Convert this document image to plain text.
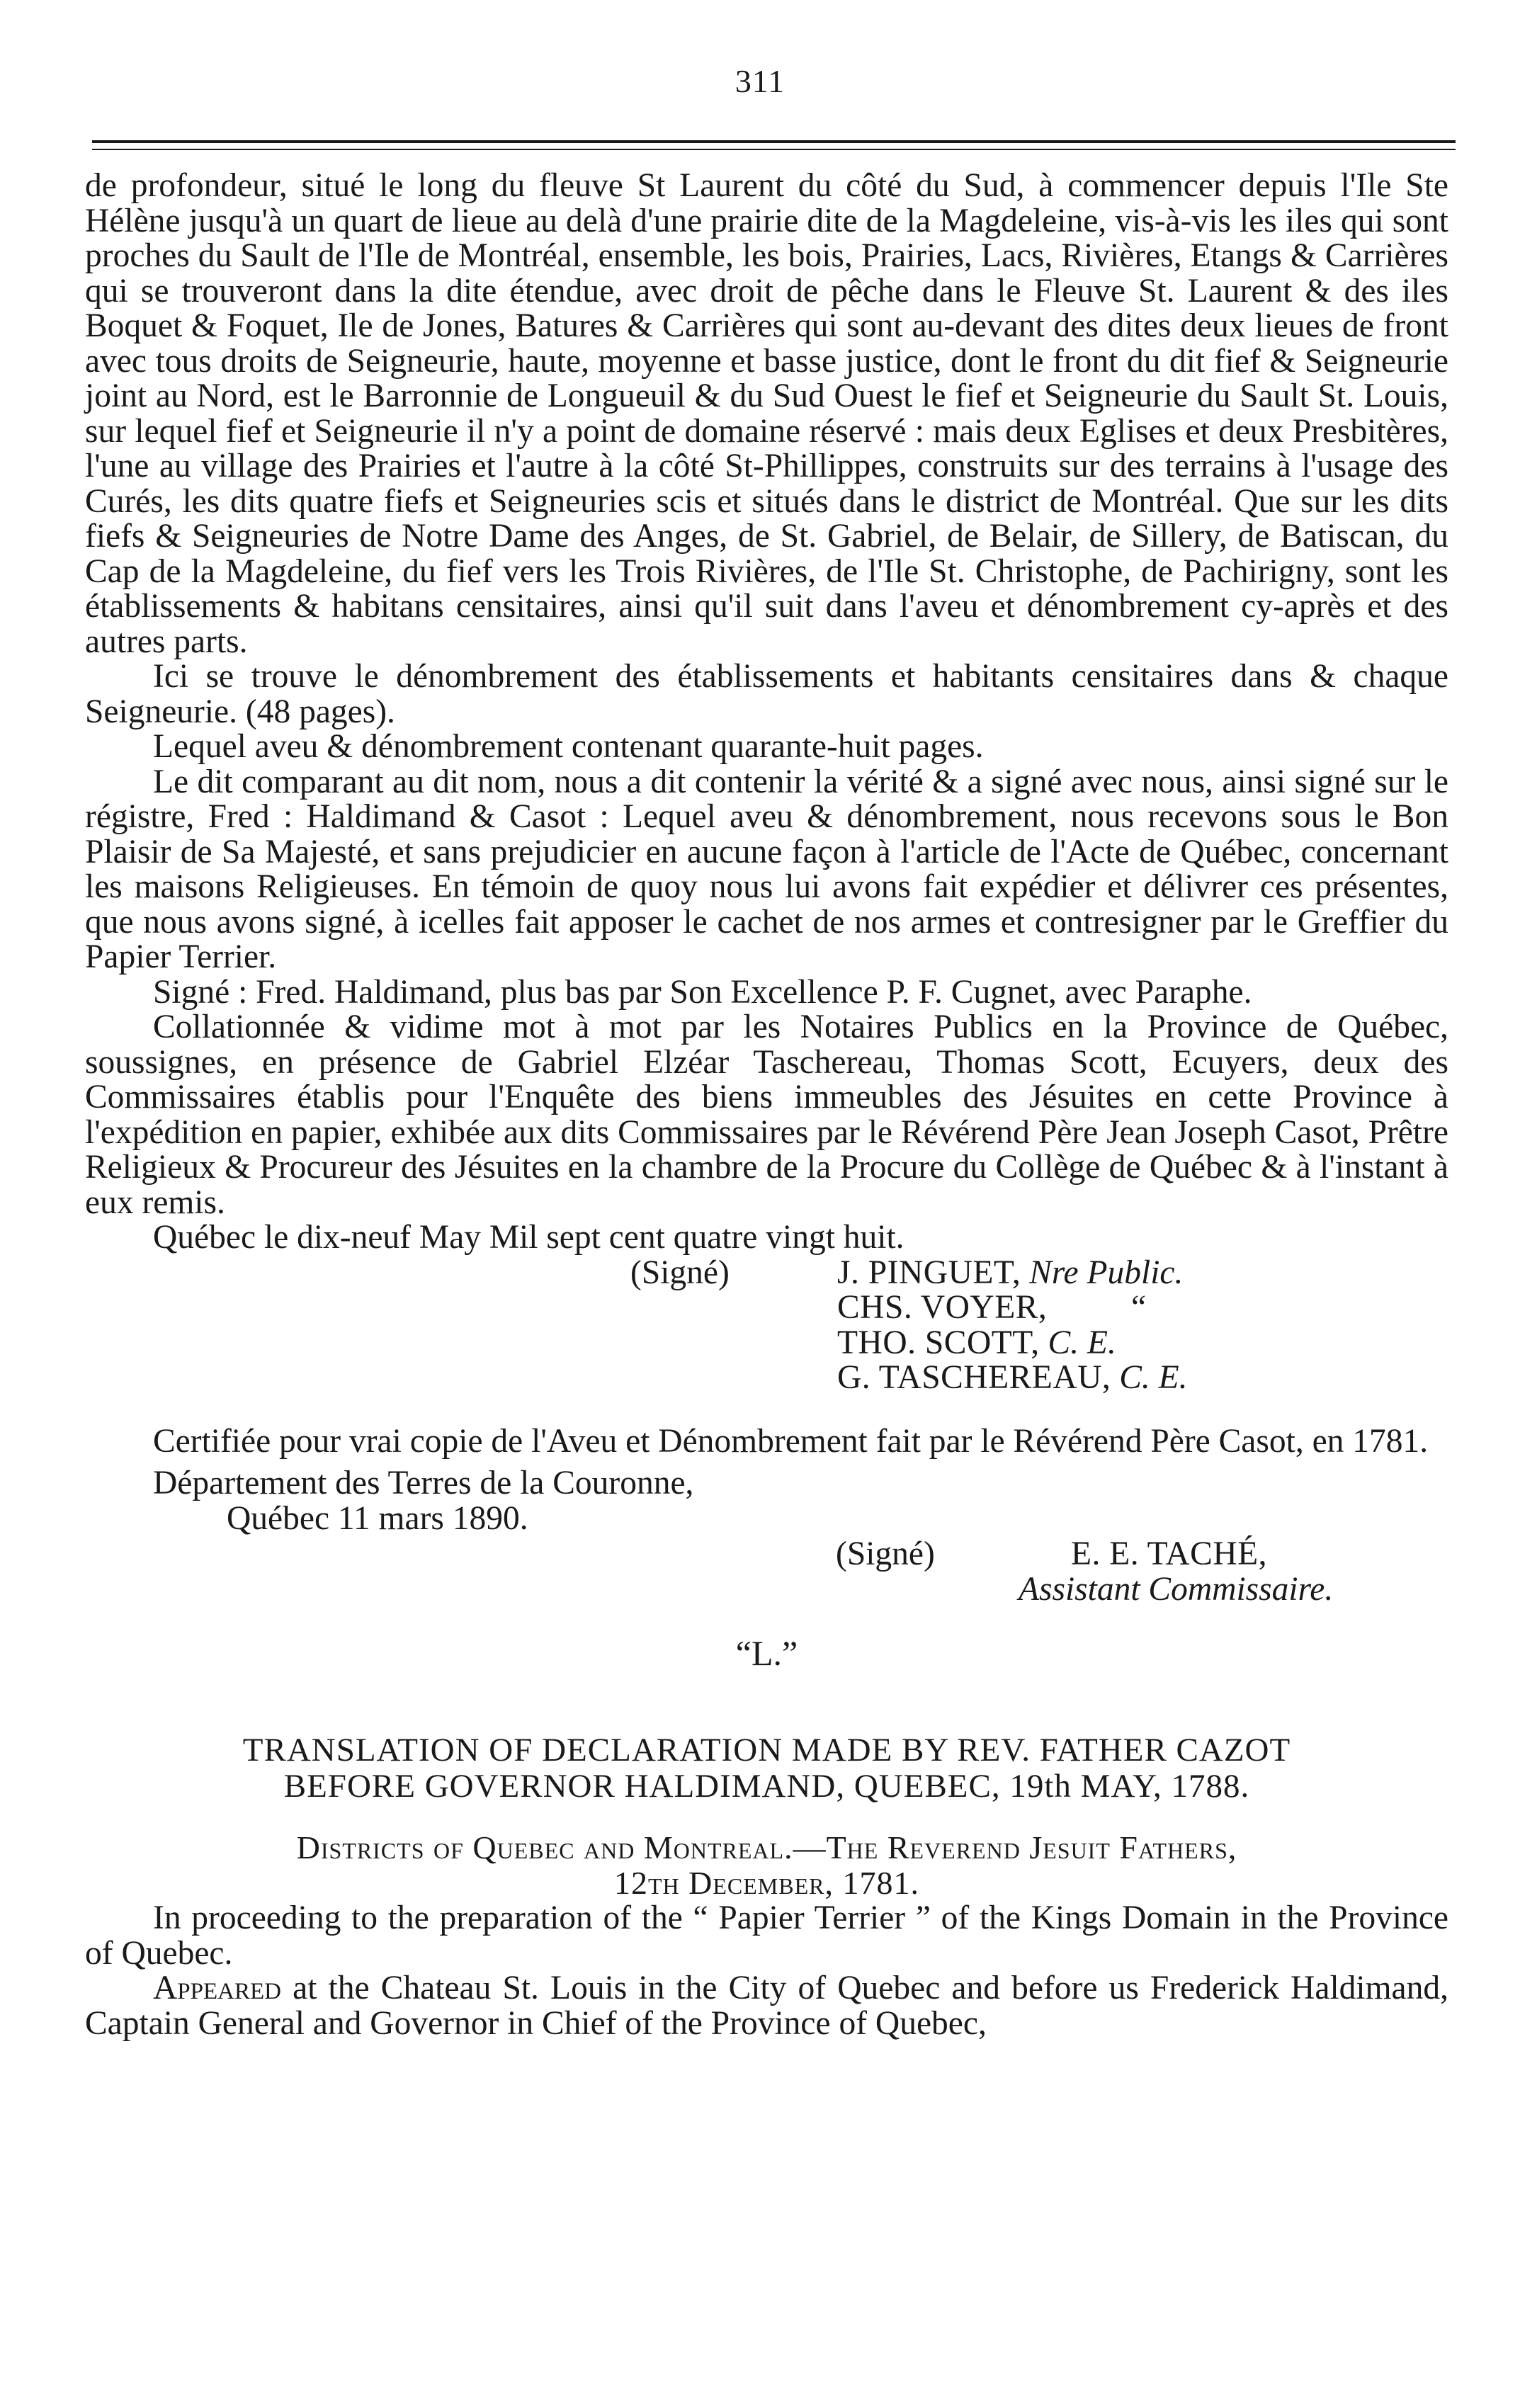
311

de profondeur, situé le long du fleuve St Laurent du côté du Sud, à commencer depuis l'Ile Ste Hélène jusqu'à un quart de lieue au delà d'une prairie dite de la Magdeleine, vis-à-vis les iles qui sont proches du Sault de l'Ile de Montréal, ensemble, les bois, Prairies, Lacs, Rivières, Etangs & Carrières qui se trouveront dans la dite étendue, avec droit de pêche dans le Fleuve St. Laurent & des iles Boquet & Foquet, Ile de Jones, Batures & Carrières qui sont au-devant des dites deux lieues de front avec tous droits de Seigneurie, haute, moyenne et basse justice, dont le front du dit fief & Seigneurie joint au Nord, est le Barronnie de Longueuil & du Sud Ouest le fief et Seigneurie du Sault St. Louis, sur lequel fief et Seigneurie il n'y a point de domaine réservé : mais deux Eglises et deux Presbitères, l'une au village des Prairies et l'autre à la côté St-Phillippes, construits sur des terrains à l'usage des Curés, les dits quatre fiefs et Seigneuries scis et situés dans le district de Montréal. Que sur les dits fiefs & Seigneuries de Notre Dame des Anges, de St. Gabriel, de Belair, de Sillery, de Batiscan, du Cap de la Magdeleine, du fief vers les Trois Rivières, de l'Ile St. Christophe, de Pachirigny, sont les établissements & habitans censitaires, ainsi qu'il suit dans l'aveu et dénombrement cy-après et des autres parts.

Ici se trouve le dénombrement des établissements et habitants censitaires dans & chaque Seigneurie. (48 pages).

Lequel aveu & dénombrement contenant quarante-huit pages.

Le dit comparant au dit nom, nous a dit contenir la vérité & a signé avec nous, ainsi signé sur le régistre, Fred : Haldimand & Casot : Lequel aveu & dénombrement, nous recevons sous le Bon Plaisir de Sa Majesté, et sans prejudicier en aucune façon à l'article de l'Acte de Québec, concernant les maisons Religieuses. En témoin de quoy nous lui avons fait expédier et délivrer ces présentes, que nous avons signé, à icelles fait apposer le cachet de nos armes et contresigner par le Greffier du Papier Terrier.

Signé : Fred. Haldimand, plus bas par Son Excellence P. F. Cugnet, avec Paraphe.

Collationnée & vidime mot à mot par les Notaires Publics en la Province de Québec, soussignes, en présence de Gabriel Elzéar Taschereau, Thomas Scott, Ecuyers, deux des Commissaires établis pour l'Enquête des biens immeubles des Jésuites en cette Province à l'expédition en papier, exhibée aux dits Commissaires par le Révérend Père Jean Joseph Casot, Prêtre Religieux & Procureur des Jésuites en la chambre de la Procure du Collège de Québec & à l'instant à eux remis.

Québec le dix-neuf May Mil sept cent quatre vingt huit.

(Signé)	J. PINGUET, Nre Public.
CHS. VOYER,	“
THO. SCOTT, C. E.
G. TASCHEREAU, C. E.

Certifiée pour vrai copie de l'Aveu et Dénombrement fait par le Révérend Père Casot, en 1781.

Département des Terres de la Couronne,
Québec 11 mars 1890.
(Signé)	E. E. TACHÉ,
Assistant Commissaire.
“L.”
TRANSLATION OF DECLARATION MADE BY REV. FATHER CAZOT
BEFORE GOVERNOR HALDIMAND, QUEBEC, 19th MAY, 1788.
Districts of Quebec and Montreal.—The Reverend Jesuit Fathers,
12th December, 1781.

In proceeding to the preparation of the “ Papier Terrier ” of the Kings Domain in the Province of Quebec.

Appeared at the Chateau St. Louis in the City of Quebec and before us Frederick Haldimand, Captain General and Governor in Chief of the Province of Quebec,
